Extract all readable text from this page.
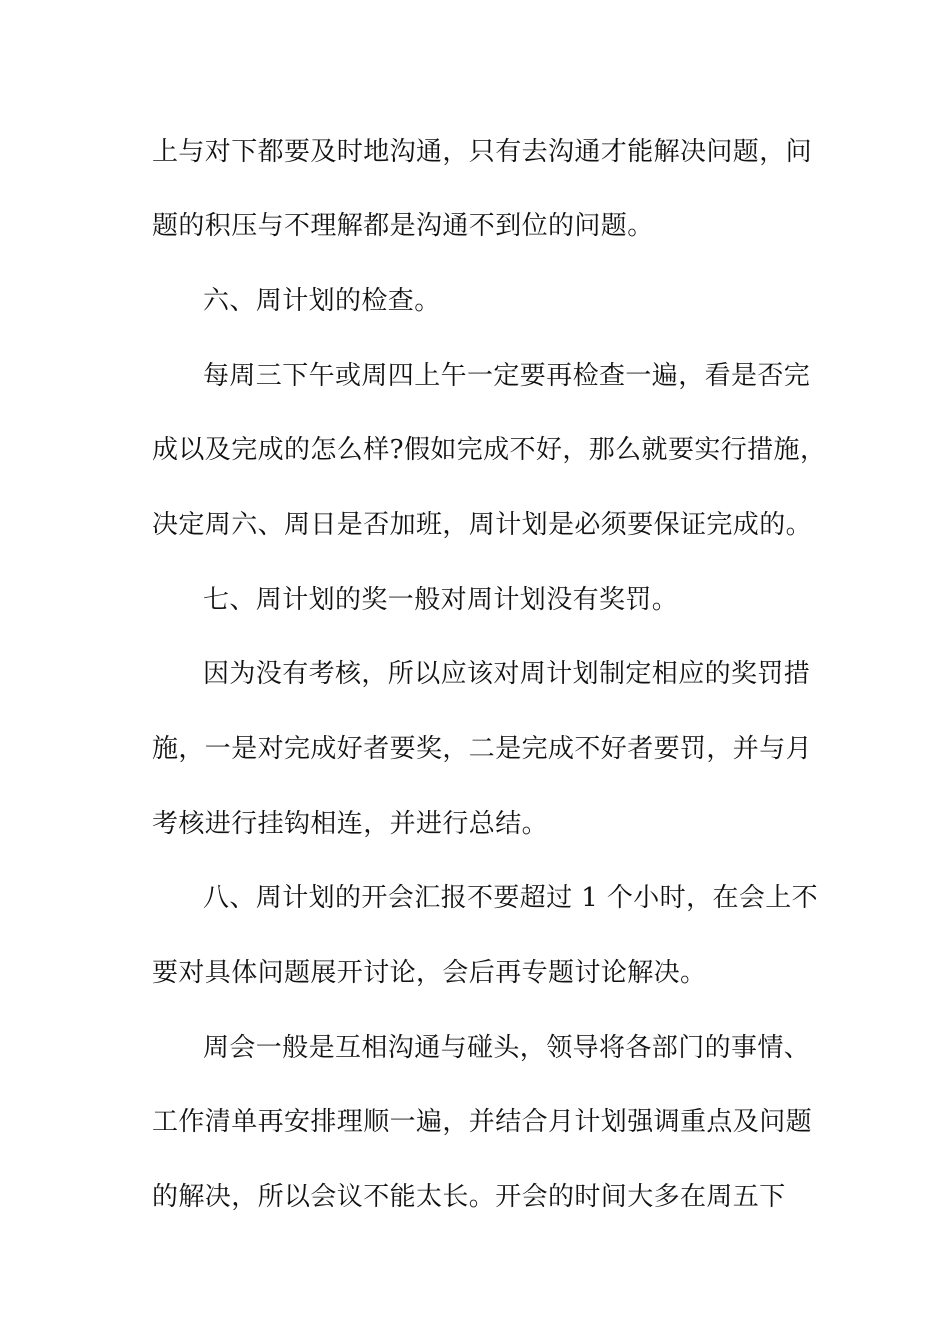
上与对下都要及时地沟通，只有去沟通才能解决问题，问
题的积压与不理解都是沟通不到位的问题。
六、周计划的检查。
每周三下午或周四上午一定要再检查一遍，看是否完
成以及完成的怎么样?假如完成不好，那么就要实行措施，
决定周六、周日是否加班，周计划是必须要保证完成的。
七、周计划的奖一般对周计划没有奖罚。
因为没有考核，所以应该对周计划制定相应的奖罚措
施，一是对完成好者要奖，二是完成不好者要罚，并与月
考核进行挂钩相连，并进行总结。
八、周计划的开会汇报不要超过 1 个小时，在会上不
要对具体问题展开讨论，会后再专题讨论解决。
周会一般是互相沟通与碰头，领导将各部门的事情、
工作清单再安排理顺一遍，并结合月计划强调重点及问题
的解决，所以会议不能太长。开会的时间大多在周五下
